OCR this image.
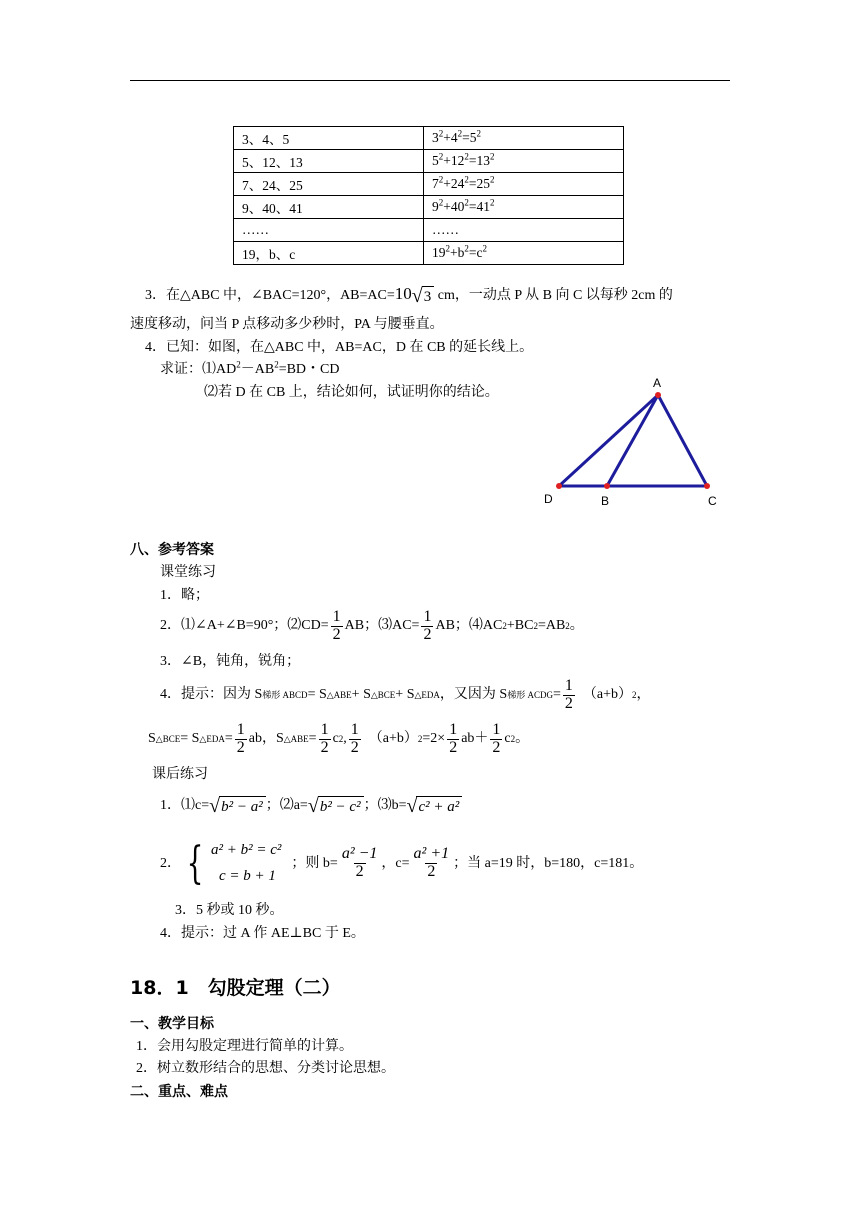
3、4、5	$3^2+4^2=5^2$
5、12、13	$5^2+12^2=13^2$
7、24、25	$7^2+24^2=25^2$
9、40、41	$9^2+40^2=41^2$
……	……
19，b、c	$19^2+b^2=c^2$
3．在△ABC 中，∠BAC=120°，AB=AC=10 √ 3 cm，一动点 P 从 B 向 C 以每秒 2cm 的
速度移动，问当 P 点移动多少秒时，PA 与腰垂直。
4．已知：如图，在△ABC 中，AB=AC，D 在 CB 的延长线上。
求证：$⑴AD^2-AB^2=BD$・CD
⑵若 D 在 CB 上，结论如何，试证明你的结论。
A
D	B	C
八、参考答案
课堂练习
1．略；
2．⑴∠A+∠B=90°；⑵CD= $\frac{1}{2}$ AB；⑶AC= $\frac{1}{2}$ AB；⑷AC 2 +BC 2 =AB 2 。
3．∠B，钝角，锐角；
4．提示：因为 S 梯形 ABCD = S △ABE + S △BCE + S △EDA ，又因为 S 梯形 ACDG = $\frac{1}{2} (a+b)$ 2 ，
S △BCE = S △EDA = $\frac{1}{2}$ ab，S △ABE = $\frac{1}{2}$ c 2 , $\frac{1}{2} (a+b)$ $2 =2\times \frac{1}{2} ab+ \frac{1}{2}$ c 2 。
课后练习
1．⑴c= √ b² − a² ；⑵a= √ b² − c² ；⑶b= √ c² + a²
2． { a² + b² = c²
c = b + 1
；则 $b= \frac{\text{a² −1}}{2}$ ，$c= \frac{\text{a² +1}}{2}$ ；当 a=19 时，b=180，c=181。
3．5 秒或 10 秒。
4．提示：过 A 作 AE⊥BC 于 E。
18．1　勾股定理（二）
一、教学目标
1．会用勾股定理进行简单的计算。
2．树立数形结合的思想、分类讨论思想。
二、重点、难点
